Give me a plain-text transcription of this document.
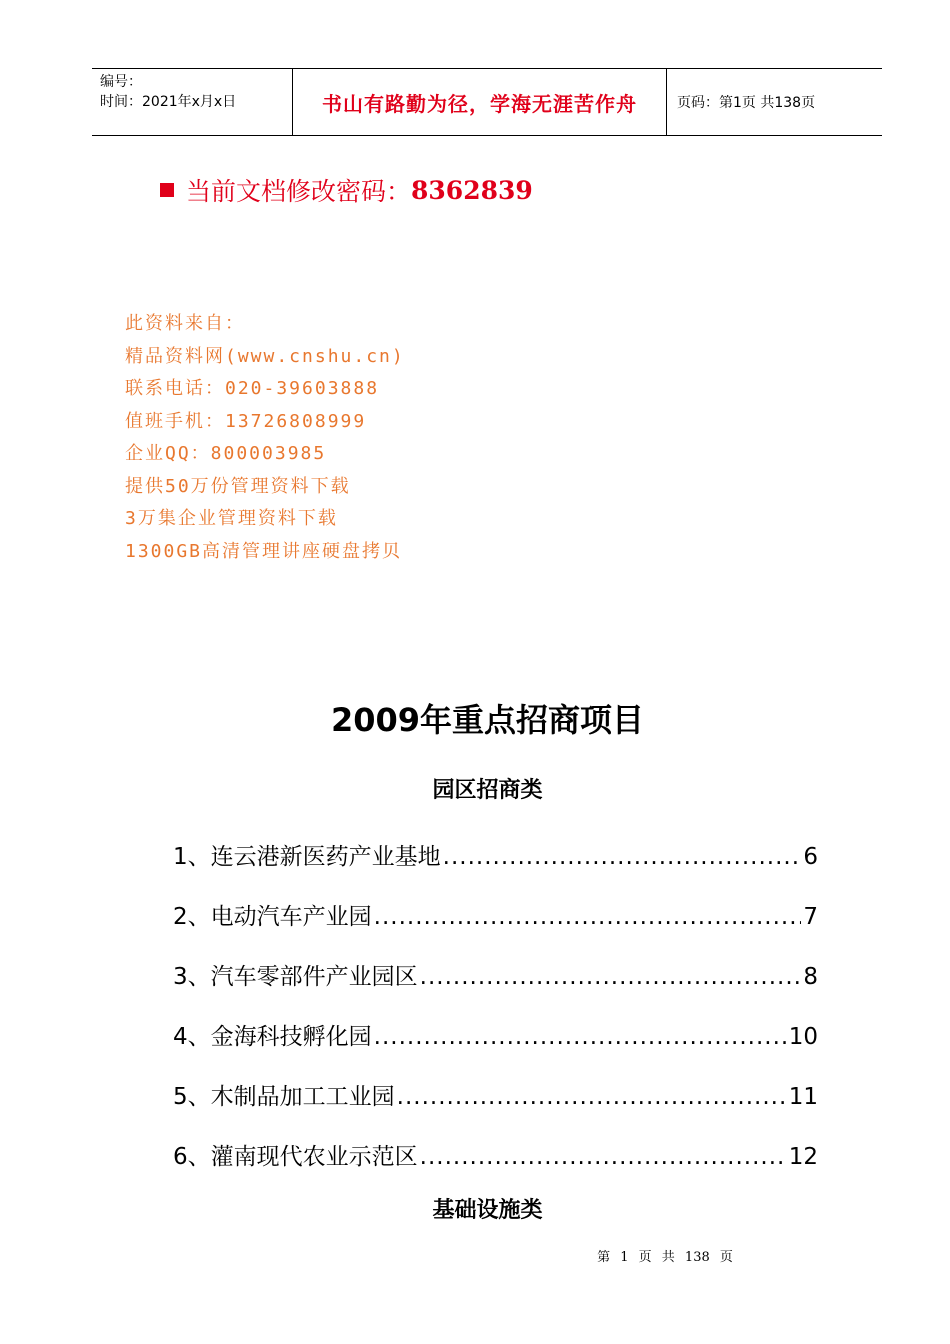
编号：
时间：2021年x月x日	书山有路勤为径，学海无涯苦作舟	页码：第1页 共138页
当前文档修改密码： 8362839
此资料来自：
精品资料网(www.cnshu.cn)
联系电话：020-39603888
值班手机：13726808999
企业QQ：800003985
提供50万份管理资料下载
3万集企业管理资料下载
1300GB高清管理讲座硬盘拷贝
2009年重点招商项目
园区招商类
1、 连云港新医药产业基地 .....	6
2、 电动汽车产业园 .....	7
3、 汽车零部件产业园区 .....	8
4、 金海科技孵化园 .....	10
5、 木制品加工工业园 .....	11
6、 灌南现代农业示范区 .....	12
基础设施类
第 1 页 共 138 页
